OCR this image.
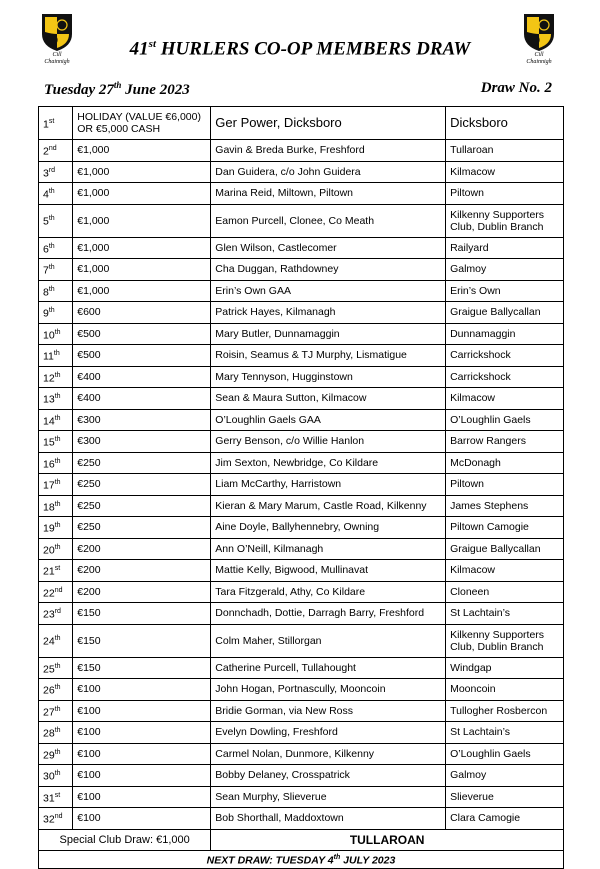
Cill
Chainnigh
Cill
Chainnigh
41st HURLERS CO-OP MEMBERS DRAW
Tuesday 27th June 2023	Draw No. 2
1st	HOLIDAY (VALUE €6,000) OR €5,000 CASH	Ger Power, Dicksboro	Dicksboro
2nd	€1,000	Gavin & Breda Burke, Freshford	Tullaroan
3rd	€1,000	Dan Guidera, c/o John Guidera	Kilmacow
4th	€1,000	Marina Reid, Miltown, Piltown	Piltown
5th	€1,000	Eamon Purcell, Clonee, Co Meath	Kilkenny Supporters Club, Dublin Branch
6th	€1,000	Glen Wilson, Castlecomer	Railyard
7th	€1,000	Cha Duggan, Rathdowney	Galmoy
8th	€1,000	Erin’s Own GAA	Erin’s Own
9th	€600	Patrick Hayes, Kilmanagh	Graigue Ballycallan
10th	€500	Mary Butler, Dunnamaggin	Dunnamaggin
11th	€500	Roisin, Seamus & TJ Murphy, Lismatigue	Carrickshock
12th	€400	Mary Tennyson, Hugginstown	Carrickshock
13th	€400	Sean & Maura Sutton, Kilmacow	Kilmacow
14th	€300	O’Loughlin Gaels GAA	O’Loughlin Gaels
15th	€300	Gerry Benson, c/o Willie Hanlon	Barrow Rangers
16th	€250	Jim Sexton, Newbridge, Co Kildare	McDonagh
17th	€250	Liam McCarthy, Harristown	Piltown
18th	€250	Kieran & Mary Marum, Castle Road, Kilkenny	James Stephens
19th	€250	Aine Doyle, Ballyhennebry, Owning	Piltown Camogie
20th	€200	Ann O’Neill, Kilmanagh	Graigue Ballycallan
21st	€200	Mattie Kelly, Bigwood, Mullinavat	Kilmacow
22nd	€200	Tara Fitzgerald, Athy, Co Kildare	Cloneen
23rd	€150	Donnchadh, Dottie, Darragh Barry, Freshford	St Lachtain’s
24th	€150	Colm Maher, Stillorgan	Kilkenny Supporters Club, Dublin Branch
25th	€150	Catherine Purcell, Tullahought	Windgap
26th	€100	John Hogan, Portnascully, Mooncoin	Mooncoin
27th	€100	Bridie Gorman, via New Ross	Tullogher Rosbercon
28th	€100	Evelyn Dowling, Freshford	St Lachtain’s
29th	€100	Carmel Nolan, Dunmore, Kilkenny	O’Loughlin Gaels
30th	€100	Bobby Delaney, Crosspatrick	Galmoy
31st	€100	Sean Murphy, Slieverue	Slieverue
32nd	€100	Bob Shorthall, Maddoxtown	Clara Camogie
Special Club Draw: €1,000		TULLAROAN	
NEXT DRAW: TUESDAY 4th JULY 2023			
